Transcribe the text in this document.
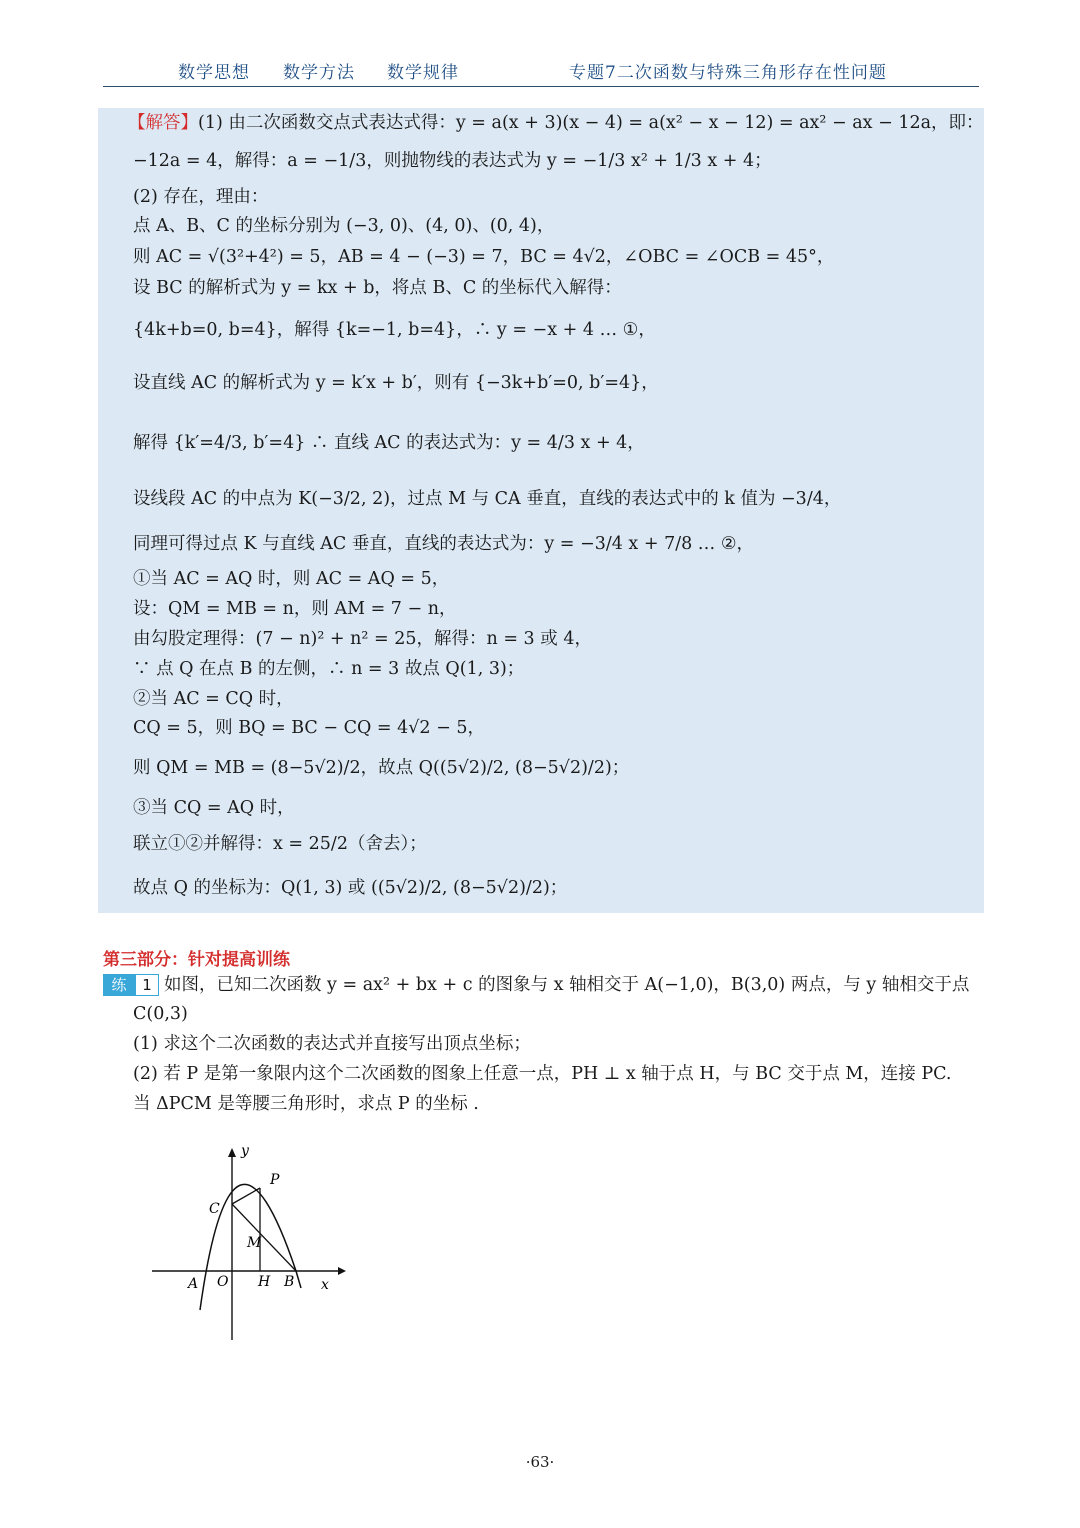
数学思想 数学方法 数学规律	专题7二次函数与特殊三角形存在性问题
【解答】(1) 由二次函数交点式表达式得：y = a(x + 3)(x − 4) = a(x² − x − 12) = ax² − ax − 12a，即：
−12a = 4，解得：a = −1/3，则抛物线的表达式为 y = −1/3 x² + 1/3 x + 4；
(2) 存在，理由：
点 A、B、C 的坐标分别为 (−3, 0)、(4, 0)、(0, 4)，
则 AC = √(3²+4²) = 5，AB = 4 − (−3) = 7，BC = 4√2，∠OBC = ∠OCB = 45°，
设 BC 的解析式为 y = kx + b，将点 B、C 的坐标代入解得：
{4k+b=0, b=4}，解得 {k=−1, b=4}，∴ y = −x + 4 … ①，
设直线 AC 的解析式为 y = k′x + b′，则有 {−3k+b′=0, b′=4}，
解得 {k′=4/3, b′=4} ∴ 直线 AC 的表达式为：y = 4/3 x + 4，
设线段 AC 的中点为 K(−3/2, 2)，过点 M 与 CA 垂直，直线的表达式中的 k 值为 −3/4，
同理可得过点 K 与直线 AC 垂直，直线的表达式为：y = −3/4 x + 7/8 … ②，
①当 AC = AQ 时，则 AC = AQ = 5，
设：QM = MB = n，则 AM = 7 − n，
由勾股定理得：(7 − n)² + n² = 25，解得：n = 3 或 4，
∵ 点 Q 在点 B 的左侧，∴ n = 3 故点 Q(1, 3)；
②当 AC = CQ 时，
CQ = 5，则 BQ = BC − CQ = 4√2 − 5，
则 QM = MB = (8−5√2)/2，故点 Q((5√2)/2, (8−5√2)/2)；
③当 CQ = AQ 时，
联立①②并解得：x = 25/2（舍去）；
故点 Q 的坐标为：Q(1, 3) 或 ((5√2)/2, (8−5√2)/2)；
第三部分：针对提高训练
练	1 如图，已知二次函数 y = ax² + bx + c 的图象与 x 轴相交于 A(−1,0)，B(3,0) 两点，与 y 轴相交于点
C(0,3)
(1) 求这个二次函数的表达式并直接写出顶点坐标；
(2) 若 P 是第一象限内这个二次函数的图象上任意一点，PH ⊥ x 轴于点 H，与 BC 交于点 M，连接 PC.
当 ΔPCM 是等腰三角形时，求点 P 的坐标 .
y
P
C
M
A O H B x
·63·
